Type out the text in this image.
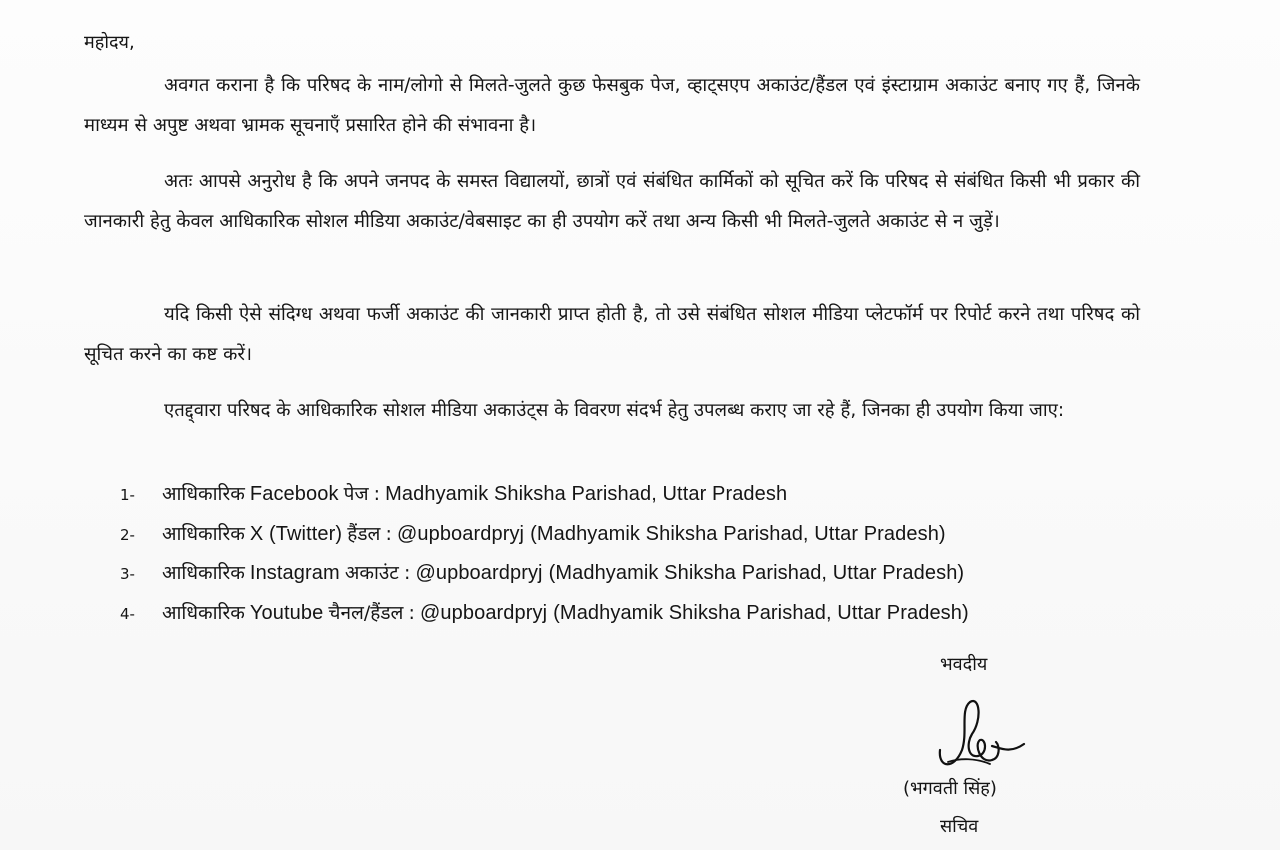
महोदय,

अवगत कराना है कि परिषद के नाम/लोगो से मिलते-जुलते कुछ फेसबुक पेज, व्हाट्सएप अकाउंट/हैंडल एवं इंस्टाग्राम अकाउंट बनाए गए हैं, जिनके माध्यम से अपुष्ट अथवा भ्रामक सूचनाएँ प्रसारित होने की संभावना है।

अतः आपसे अनुरोध है कि अपने जनपद के समस्त विद्यालयों, छात्रों एवं संबंधित कार्मिकों को सूचित करें कि परिषद से संबंधित किसी भी प्रकार की जानकारी हेतु केवल आधिकारिक सोशल मीडिया अकाउंट/वेबसाइट का ही उपयोग करें तथा अन्य किसी भी मिलते-जुलते अकाउंट से न जुड़ें।

यदि किसी ऐसे संदिग्ध अथवा फर्जी अकाउंट की जानकारी प्राप्त होती है, तो उसे संबंधित सोशल मीडिया प्लेटफॉर्म पर रिपोर्ट करने तथा परिषद को सूचित करने का कष्ट करें।

एतद्द्वारा परिषद के आधिकारिक सोशल मीडिया अकाउंट्स के विवरण संदर्भ हेतु उपलब्ध कराए जा रहे हैं, जिनका ही उपयोग किया जाए:

1-	आधिकारिक
Facebook
पेज
:
Madhyamik Shiksha Parishad, Uttar Pradesh
2-	आधिकारिक
X (Twitter)
हैंडल
:
@upboardpryj (Madhyamik Shiksha Parishad, Uttar Pradesh)
3-	आधिकारिक
Instagram
अकाउंट
:
@upboardpryj (Madhyamik Shiksha Parishad, Uttar Pradesh)
4-	आधिकारिक
Youtube
चैनल/हैंडल
:
@upboardpryj (Madhyamik Shiksha Parishad, Uttar Pradesh)
भवदीय
(भगवती सिंह)
सचिव
